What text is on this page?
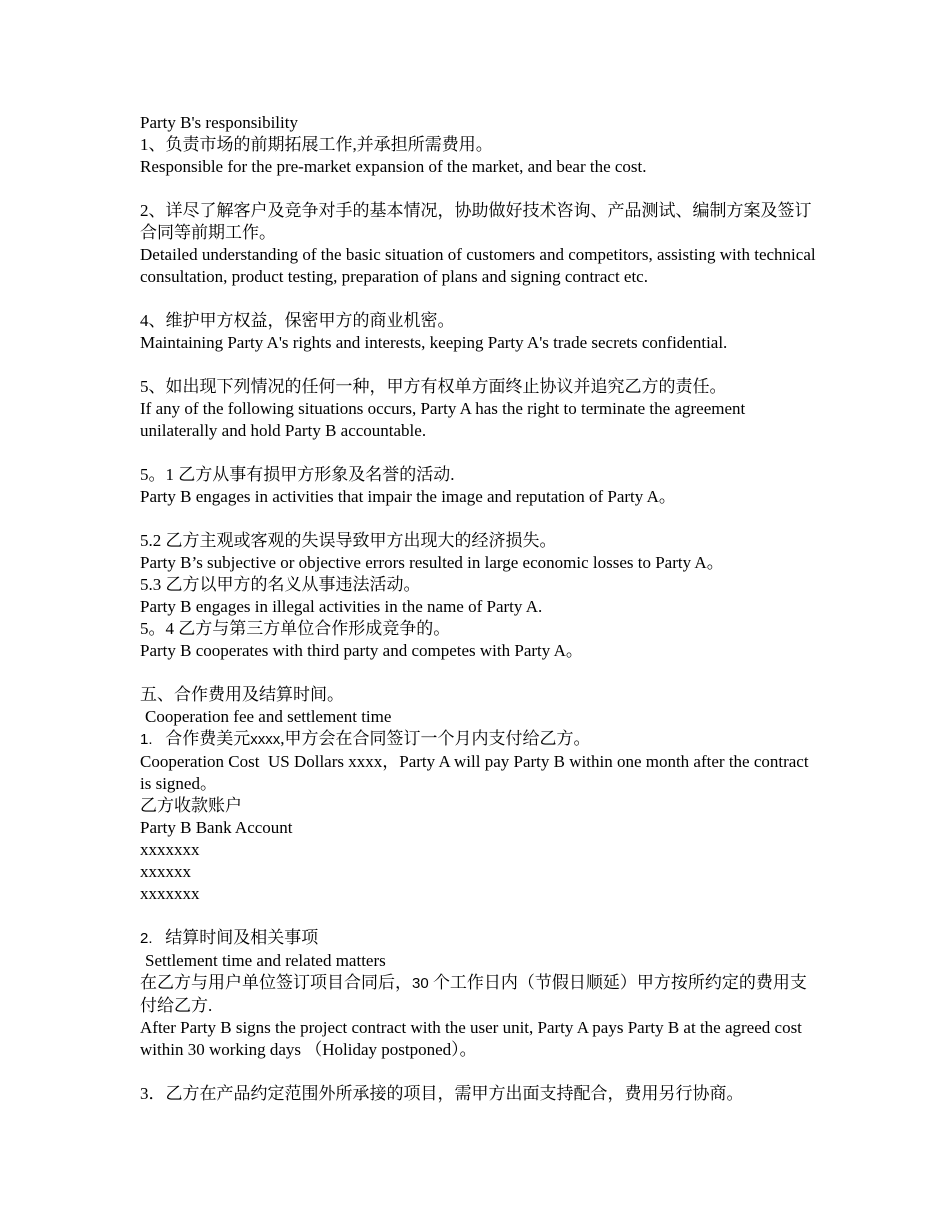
Party B's responsibility
1、负责市场的前期拓展工作,并承担所需费用。
Responsible for the pre-market expansion of the market, and bear the cost.
2、详尽了解客户及竞争对手的基本情况，协助做好技术咨询、产品测试、编制方案及签订合同等前期工作。
Detailed understanding of the basic situation of customers and competitors, assisting with technical consultation, product testing, preparation of plans and signing contract etc.
4、维护甲方权益，保密甲方的商业机密。
Maintaining Party A's rights and interests, keeping Party A's trade secrets confidential.
5、如出现下列情况的任何一种，甲方有权单方面终止协议并追究乙方的责任。
If any of the following situations occurs, Party A has the right to terminate the agreement unilaterally and hold Party B accountable.
5。1 乙方从事有损甲方形象及名誉的活动.
Party B engages in activities that impair the image and reputation of Party A。
5.2 乙方主观或客观的失误导致甲方出现大的经济损失。
Party B’s subjective or objective errors resulted in large economic losses to Party A。
5.3 乙方以甲方的名义从事违法活动。
Party B engages in illegal activities in the name of Party A.
5。4 乙方与第三方单位合作形成竞争的。
Party B cooperates with third party and competes with Party A。
五、合作费用及结算时间。
Cooperation fee and settlement time
1. 合作费美元xxxx,甲方会在合同签订一个月内支付给乙方。
Cooperation Cost  US Dollars xxxx，Party A will pay Party B within one month after the contract is signed。
乙方收款账户
Party B Bank Account
xxxxxxx
xxxxxx
xxxxxxx
2. 结算时间及相关事项
Settlement time and related matters
在乙方与用户单位签订项目合同后，30 个工作日内（节假日顺延）甲方按所约定的费用支付给乙方.
After Party B signs the project contract with the user unit, Party A pays Party B at the agreed cost within 30 working days （Holiday postponed）。
3．乙方在产品约定范围外所承接的项目，需甲方出面支持配合，费用另行协商。
